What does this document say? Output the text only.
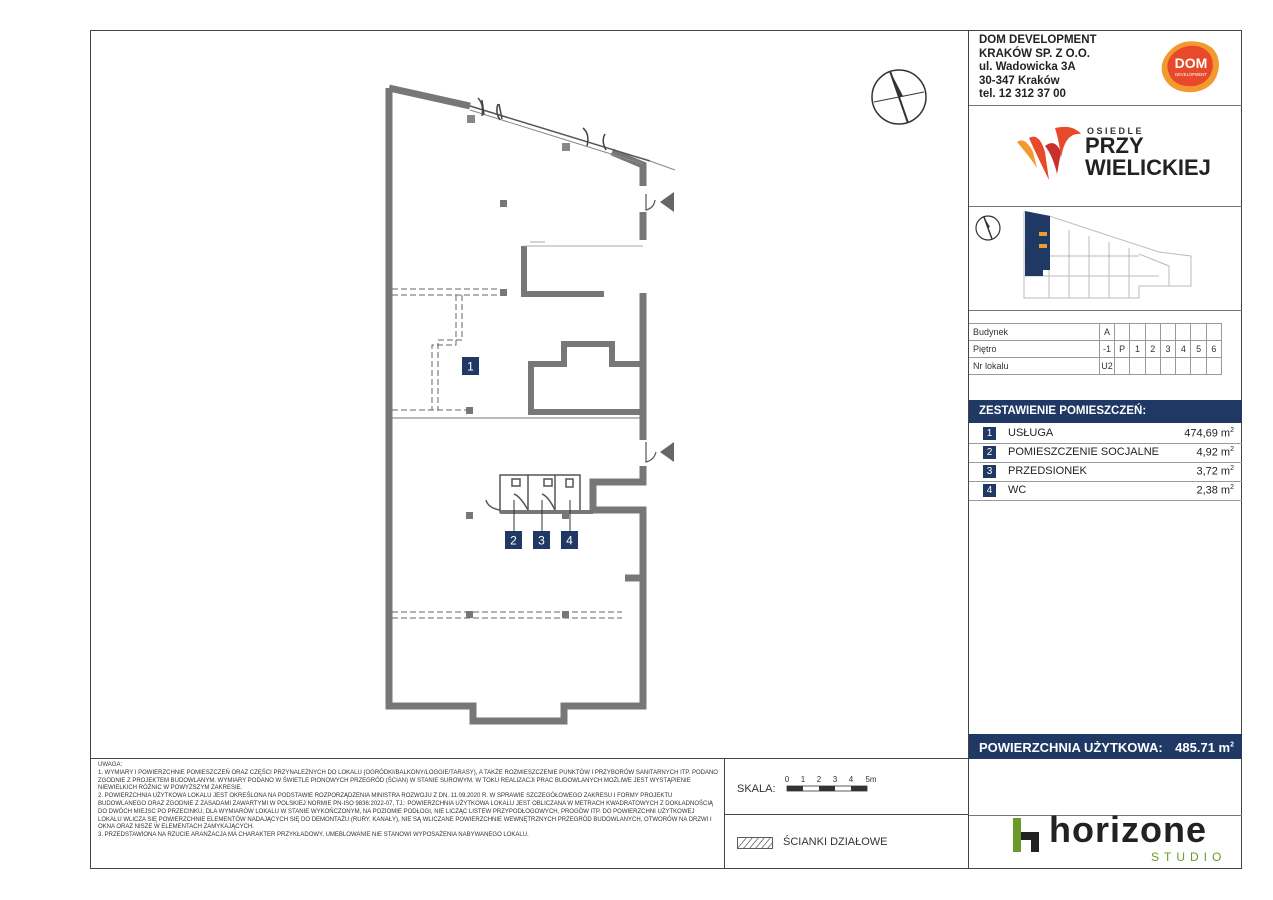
1
2 3 4
DOM DEVELOPMENT
KRAKÓW SP. Z O.O.
ul. Wadowicka 3A
30-347 Kraków
tel. 12 312 37 00
DOM
DEVELOPMENT
OSIEDLE
PRZY
WIELICKIEJ
Budynek	A							
Piętro	-1	P	1	2	3	4	5	6
Nr lokalu	U2							
ZESTAWIENIE POMIESZCZEŃ:
1	USŁUGA	474,69 $m^2$
2	POMIESZCZENIE SOCJALNE	4,92 $m^2$
3	PRZEDSIONEK	3,72 $m^2$
4	WC	2,38 $m^2$
POWIERZCHNIA UŻYTKOWA: 485.71 $m^2$
horizone
STUDIO

UWAGA:

1. WYMIARY I POWIERZCHNIE POMIESZCZEŃ ORAZ CZĘŚCI PRZYNALEŻNYCH DO LOKALU (OGRÓDKI/BALKONY/LOGGIE/TARASY), A TAKŻE ROZMIESZCZENIE PUNKTÓW I PRZYBORÓW SANITARNYCH ITP. PODANO ZGODNIE Z PROJEKTEM BUDOWLANYM. WYMIARY PODANO W ŚWIETLE PIONOWYCH PRZEGRÓD (ŚCIAN) W STANIE SUROWYM. W TOKU REALIZACJI PRAC BUDOWLANYCH MOŻLIWE JEST WYSTĄPIENIE NIEWIELKICH RÓŻNIC W POWYŻSZYM ZAKRESIE.

2. POWIERZCHNIA UŻYTKOWA LOKALU JEST OKREŚLONA NA PODSTAWIE ROZPORZĄDZENIA MINISTRA ROZWOJU Z DN. 11.09.2020 R. W SPRAWIE SZCZEGÓŁOWEGO ZAKRESU I FORMY PROJEKTU BUDOWLANEGO ORAZ ZGODNIE Z ZASADAMI ZAWARTYMI W POLSKIEJ NORMIE PN-ISO 9836:2022-07, TJ.: POWIERZCHNIA UŻYTKOWA LOKALU JEST OBLICZANA W METRACH KWADRATOWYCH Z DOKŁADNOŚCIĄ DO DWÓCH MIEJSC PO PRZECINKU, DLA WYMIARÓW LOKALU W STANIE WYKOŃCZONYM, NA POZIOMIE PODŁOGI, NIE LICZĄC LISTEW PRZYPODŁOGOWYCH, PROGÓW ITP. DO POWIERZCHNI UŻYTKOWEJ LOKALU WLICZA SIĘ POWIERZCHNIE ELEMENTÓW NADAJĄCYCH SIĘ DO DEMONTAŻU (RURY, KANAŁY), NIE SĄ WLICZANE POWIERZCHNIE WEWNĘTRZNYCH PRZEGRÓD BUDOWLANYCH, OTWORÓW NA DRZWI I OKNA ORAZ NISZE W ELEMENTACH ZAMYKAJĄCYCH.

3. PRZEDSTAWIONA NA RZUCIE ARANŻACJA MA CHARAKTER PRZYKŁADOWY, UMEBLOWANIE NIE STANOWI WYPOSAŻENIA NABYWANEGO LOKALU.

SKALA:
0 1 2 3 4 5m
ŚCIANKI DZIAŁOWE
